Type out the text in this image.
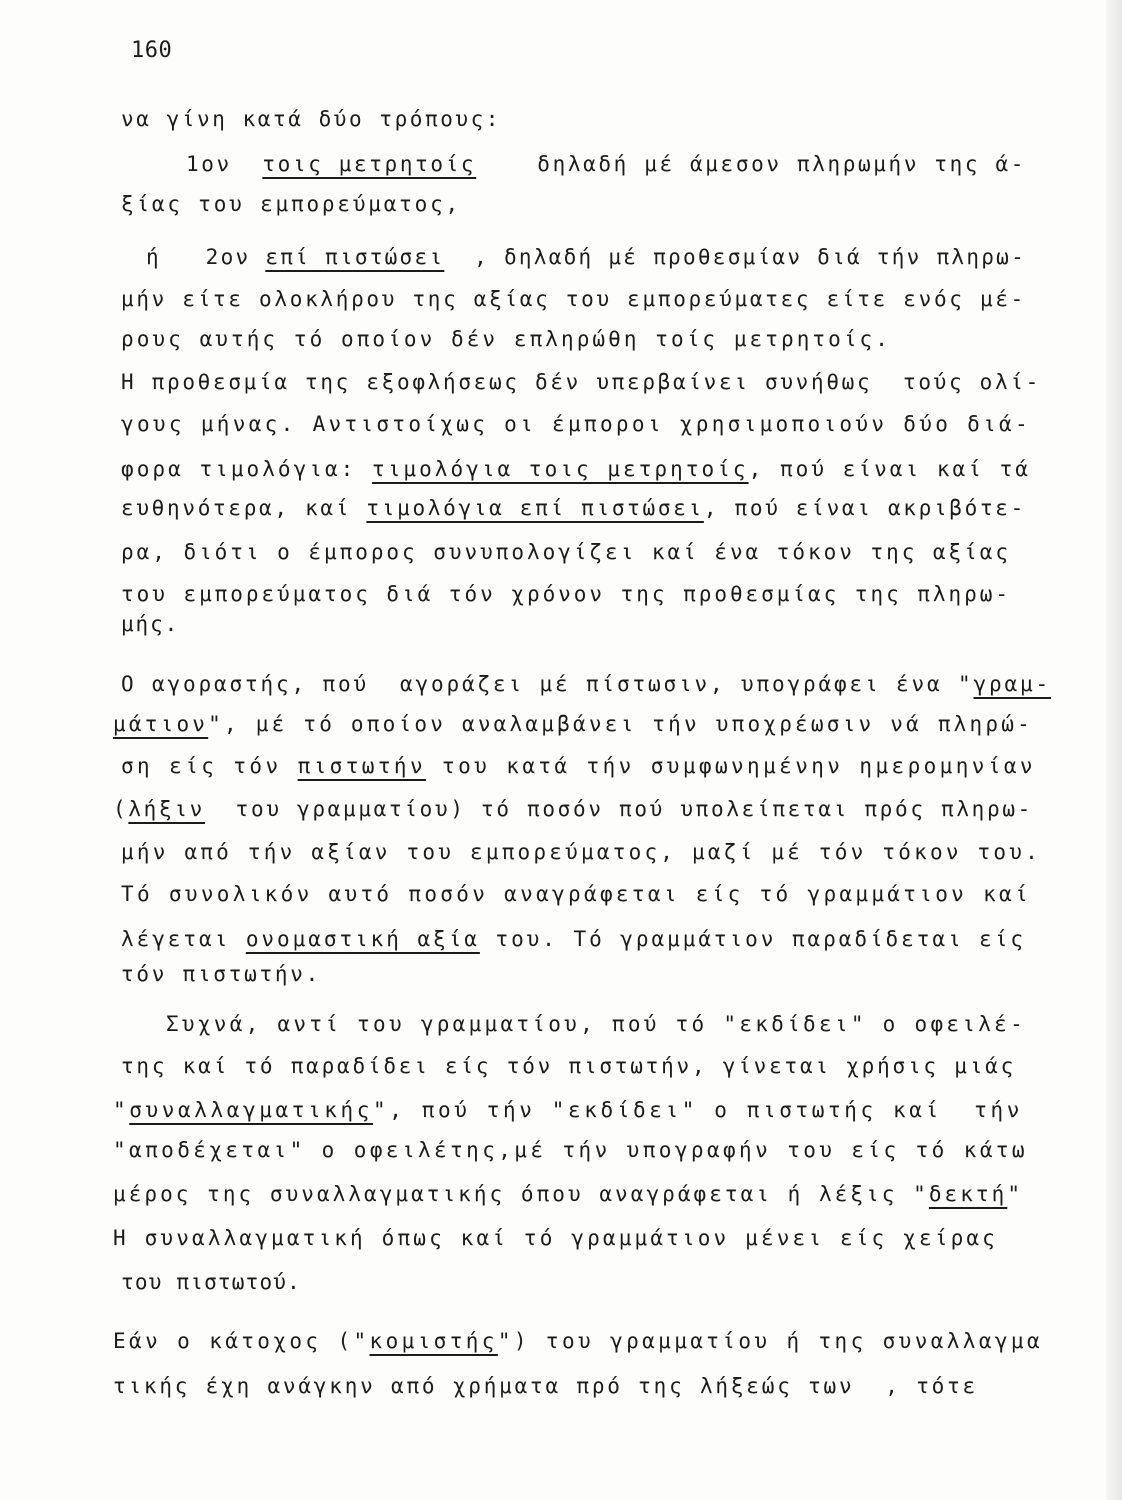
160
να γίνη κατά δύο τρόπους:
1ον  τοις μετρητοίς    δηλαδή μέ άμεσον πληρωμήν της ά-
ξίας του εμπορεύματος,
ή   2ον επί πιστώσει  , δηλαδή μέ προθεσμίαν διά τήν πληρω-
μήν είτε ολοκλήρου της αξίας του εμπορεύματες είτε ενός μέ-
ρους αυτής τό οποίον δέν επληρώθη τοίς μετρητοίς.
Η προθεσμία της εξοφλήσεως δέν υπερβαίνει συνήθως  τούς ολί-
γους μήνας. Αντιστοίχως οι έμποροι χρησιμοποιούν δύο διά-
φορα τιμολόγια: τιμολόγια τοις μετρητοίς, πού είναι καί τά
ευθηνότερα, καί τιμολόγια επί πιστώσει, πού είναι ακριβότε-
ρα, διότι ο έμπορος συνυπολογίζει καί ένα τόκον της αξίας
του εμπορεύματος διά τόν χρόνον της προθεσμίας της πληρω-
μής.
Ο αγοραστής, πού  αγοράζει μέ πίστωσιν, υπογράφει ένα "γραμ-
μάτιον", μέ τό οποίον αναλαμβάνει τήν υποχρέωσιν νά πληρώ-
ση είς τόν πιστωτήν του κατά τήν συμφωνημένην ημερομηνίαν
(λήξιν  του γραμματίου) τό ποσόν πού υπολείπεται πρός πληρω-
μήν από τήν αξίαν του εμπορεύματος, μαζί μέ τόν τόκον του.
Τό συνολικόν αυτό ποσόν αναγράφεται είς τό γραμμάτιον καί
λέγεται ονομαστική αξία του. Τό γραμμάτιον παραδίδεται είς
τόν πιστωτήν.
Συχνά, αντί του γραμματίου, πού τό "εκδίδει" ο οφειλέ-
της καί τό παραδίδει είς τόν πιστωτήν, γίνεται χρήσις μιάς
"συναλλαγματικής", πού τήν "εκδίδει" ο πιστωτής καί  τήν
"αποδέχεται" ο οφειλέτης,μέ τήν υπογραφήν του είς τό κάτω
μέρος της συναλλαγματικής όπου αναγράφεται ή λέξις "δεκτή"
Η συναλλαγματική όπως καί τό γραμμάτιον μένει είς χείρας
του πιστωτού.
Εάν ο κάτοχος ("κομιστής") του γραμματίου ή της συναλλαγμα
τικής έχη ανάγκην από χρήματα πρό της λήξεώς των  , τότε
